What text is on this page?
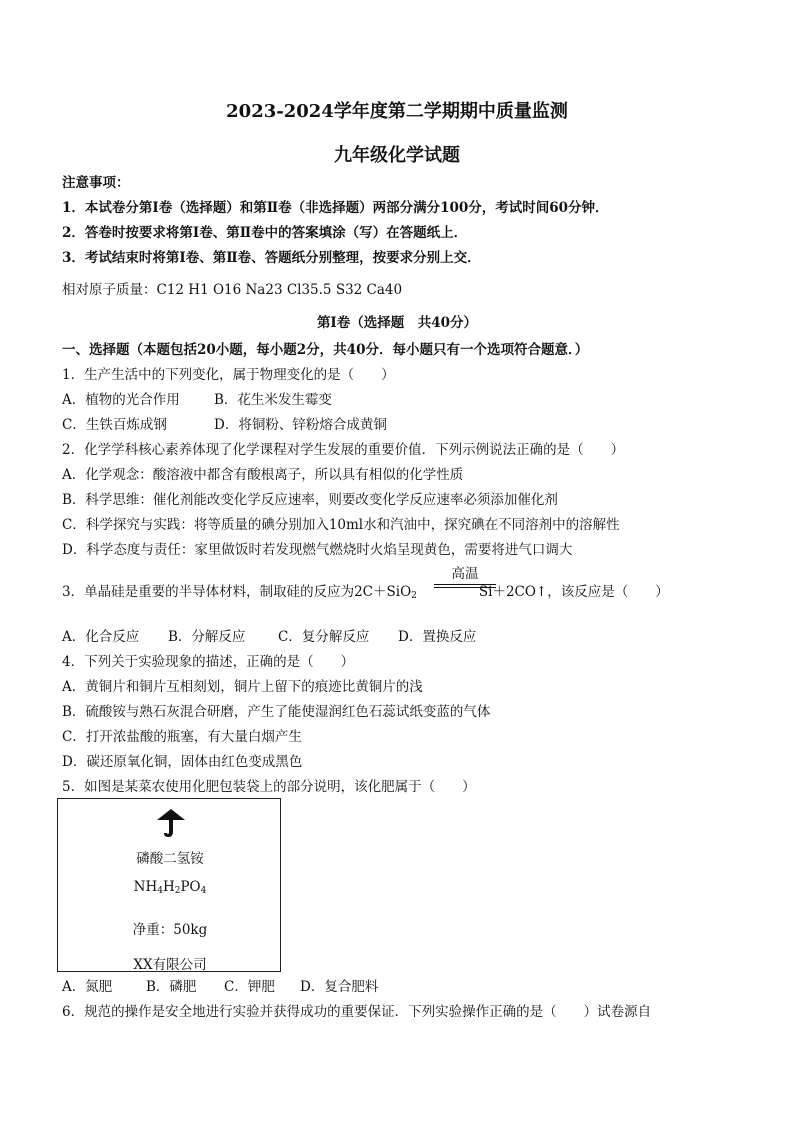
2023-2024学年度第二学期期中质量监测
九年级化学试题
注意事项：
1．本试卷分第Ⅰ卷（选择题）和第Ⅱ卷（非选择题）两部分满分100分，考试时间60分钟．
2．答卷时按要求将第Ⅰ卷、第Ⅱ卷中的答案填涂（写）在答题纸上．
3．考试结束时将第Ⅰ卷、第Ⅱ卷、答题纸分别整理，按要求分别上交．
相对原子质量：C12 H1 O16 Na23 Cl35.5 S32 Ca40
第Ⅰ卷（选择题　共40分）
一、选择题（本题包括20小题，每小题2分，共40分．每小题只有一个选项符合题意．）
1．生产生活中的下列变化，属于物理变化的是（　　）
A．植物的光合作用	B．花生米发生霉变
C．生铁百炼成钢	D．将铜粉、锌粉熔合成黄铜
2．化学学科核心素养体现了化学课程对学生发展的重要价值．下列示例说法正确的是（　　）
A．化学观念：酸溶液中都含有酸根离子，所以具有相似的化学性质
B．科学思维：催化剂能改变化学反应速率，则要改变化学反应速率必须添加催化剂
C．科学探究与实践：将等质量的碘分别加入10ml水和汽油中，探究碘在不同溶剂中的溶解性
D．科学态度与责任：家里做饭时若发现燃气燃烧时火焰呈现黄色，需要将进气口调大
3．单晶硅是重要的半导体材料，制取硅的反应为2C＋SiO$_2$	Si＋2CO↑，该反应是（　　）
高温
A．化合反应 B．分解反应 C．复分解反应 D．置换反应
4．下列关于实验现象的描述，正确的是（　　）
A．黄铜片和铜片互相刻划，铜片上留下的痕迹比黄铜片的浅
B．硫酸铵与熟石灰混合研磨，产生了能使湿润红色石蕊试纸变蓝的气体
C．打开浓盐酸的瓶塞，有大量白烟产生
D．碳还原氧化铜，固体由红色变成黑色
5．如图是某菜农使用化肥包装袋上的部分说明，该化肥属于（　　）
磷酸二氢铵
$NH_4H_2PO_4$
净重：50kg
XX有限公司
A．氮肥	B．磷肥 C．钾肥 D．复合肥料
6．规范的操作是安全地进行实验并获得成功的重要保证．下列实验操作正确的是（　　）试卷源自
